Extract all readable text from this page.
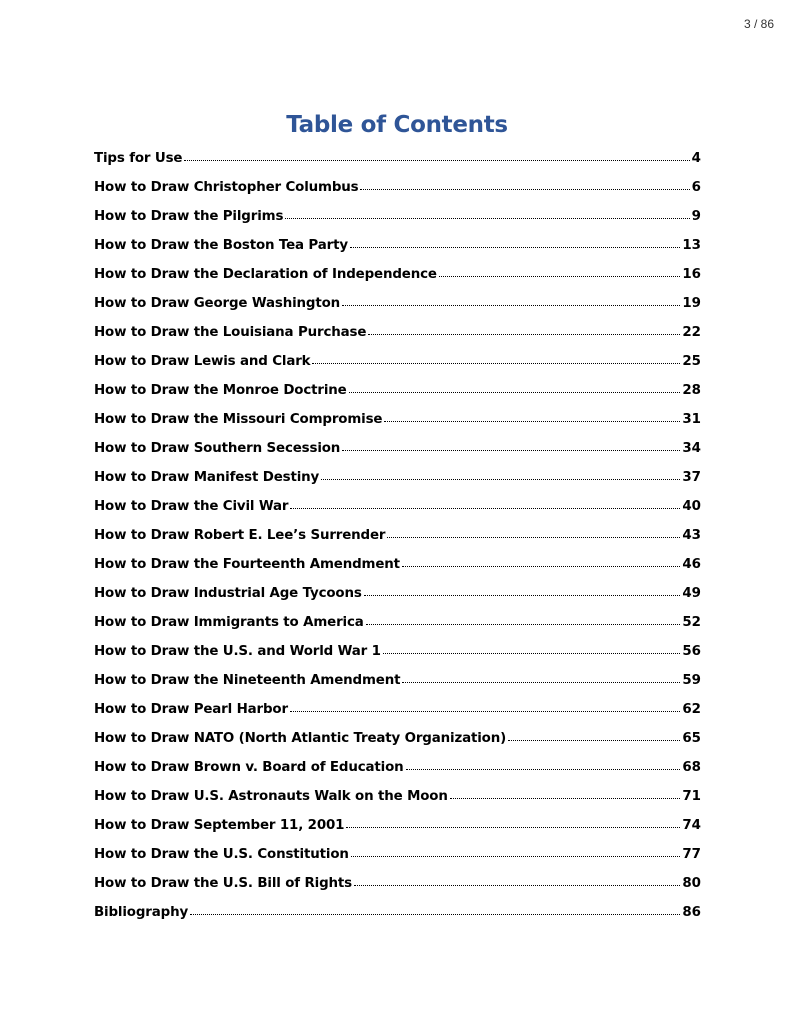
3 / 86
Table of Contents
Tips for Use	4
How to Draw Christopher Columbus	6
How to Draw the Pilgrims	9
How to Draw the Boston Tea Party	13
How to Draw the Declaration of Independence	16
How to Draw George Washington	19
How to Draw the Louisiana Purchase	22
How to Draw Lewis and Clark	25
How to Draw the Monroe Doctrine	28
How to Draw the Missouri Compromise	31
How to Draw Southern Secession	34
How to Draw Manifest Destiny	37
How to Draw the Civil War	40
How to Draw Robert E. Lee’s Surrender	43
How to Draw the Fourteenth Amendment	46
How to Draw Industrial Age Tycoons	49
How to Draw Immigrants to America	52
How to Draw the U.S. and World War 1	56
How to Draw the Nineteenth Amendment	59
How to Draw Pearl Harbor	62
How to Draw NATO (North Atlantic Treaty Organization)	65
How to Draw Brown v. Board of Education	68
How to Draw U.S. Astronauts Walk on the Moon	71
How to Draw September 11, 2001	74
How to Draw the U.S. Constitution	77
How to Draw the U.S. Bill of Rights	80
Bibliography	86
